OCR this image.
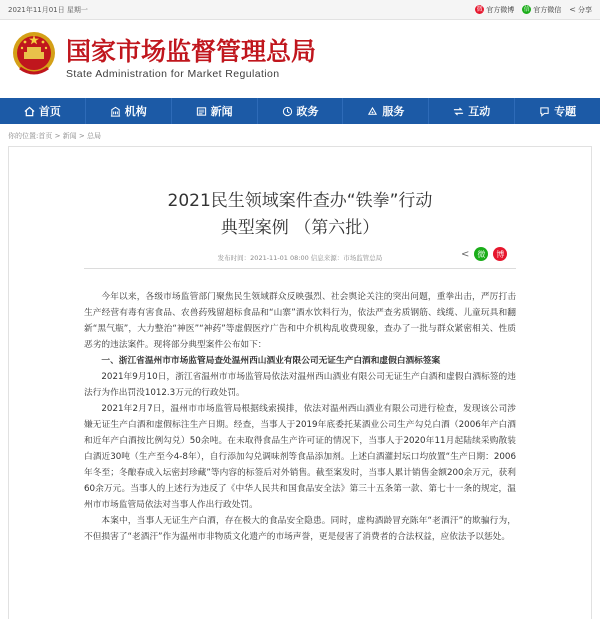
2021年11月01日 星期一	微 官方微博 信 官方微信 < 分享
国家市场监督管理总局
State Administration for Market Regulation
首页	机构	新闻	政务	服务	互动	专题
你的位置:首页 > 新闻 > 总局
2021民生领域案件查办“铁拳”行动
典型案例 （第六批）
发布时间：2021-11-01 08:00 信息来源：市场监管总局	<	微	博

今年以来，各级市场监管部门聚焦民生领域群众反映强烈、社会舆论关注的突出问题，重拳出击，严厉打击生产经营有毒有害食品、农兽药残留超标食品和“山寨”酒水饮料行为，依法严查劣质钢筋、线缆、儿童玩具和翻新“黑气瓶”，大力整治“神医”“神药”等虚假医疗广告和中介机构乱收费现象，查办了一批与群众紧密相关、性质恶劣的违法案件。现将部分典型案件公布如下：

一、浙江省温州市市场监管局查处温州西山酒业有限公司无证生产白酒和虚假白酒标签案

2021年9月10日，浙江省温州市市场监管局依法对温州西山酒业有限公司无证生产白酒和虚假白酒标签的违法行为作出罚没1012.3万元的行政处罚。

2021年2月7日，温州市市场监管局根据线索摸排，依法对温州西山酒业有限公司进行检查，发现该公司涉嫌无证生产白酒和虚假标注生产日期。经查，当事人于2019年底委托某酒业公司生产勾兑白酒（2006年产白酒和近年产白酒按比例勾兑）50余吨。在未取得食品生产许可证的情况下，当事人于2020年11月起陆续采购散装白酒近30吨（生产至今4-8年），自行添加勾兑调味剂等食品添加剂。上述白酒灌封坛口均放置“生产日期：2006年冬至；冬酿春成入坛密封珍藏”等内容的标签后对外销售。截至案发时，当事人累计销售金额200余万元，获利60余万元。当事人的上述行为违反了《中华人民共和国食品安全法》第三十五条第一款、第七十一条的规定，温州市市场监管局依法对当事人作出行政处罚。

本案中，当事人无证生产白酒，存在极大的食品安全隐患。同时，虚构酒龄冒充陈年“老酒汗”的欺骗行为，不但损害了“老酒汗”作为温州市非物质文化遗产的市场声誉，更是侵害了消费者的合法权益，应依法予以惩处。
